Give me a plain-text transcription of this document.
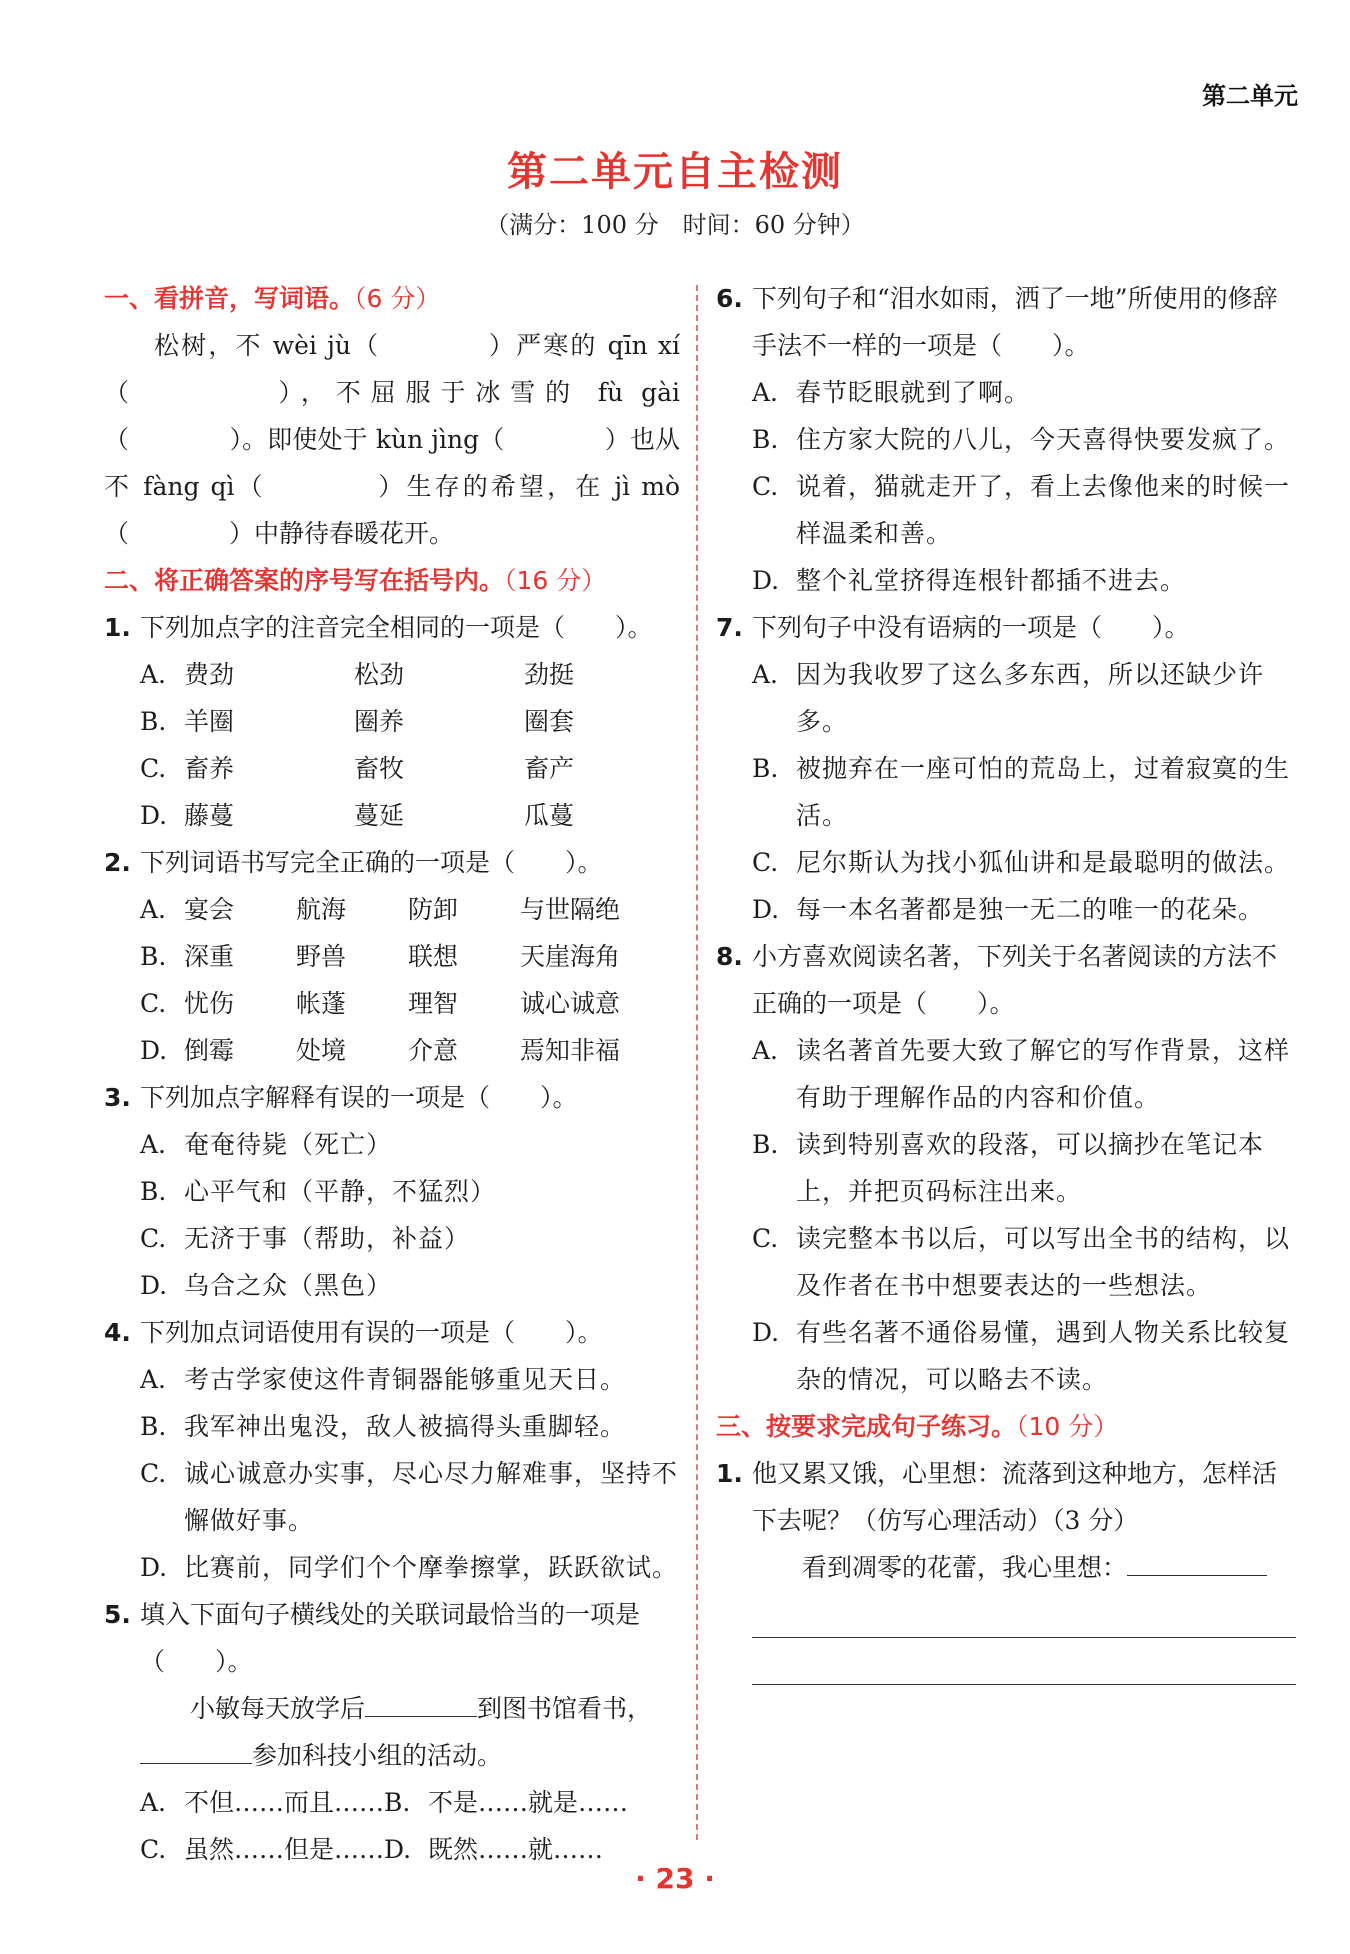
第二单元
第二单元自主检测
（满分：100 分　时间：60 分钟）
一、看拼音，写词语。（6 分）
松树，不 wèi jù（　　　　）严寒的 qīn xí（　　　　），不屈服于冰雪的 fù gài（　　　　）。即使处于 kùn jìng（　　　　）也从不 fàng qì（　　　　）生存的希望，在 jì mò（　　　　）中静待春暖花开。
二、将正确答案的序号写在括号内。（16 分）
1. 下列加点字的注音完全相同的一项是（　　）。
A. 费劲	松劲	劲挺
B. 羊圈	圈养	圈套
C. 畜养	畜牧	畜产
D. 藤蔓	蔓延	瓜蔓
2. 下列词语书写完全正确的一项是（　　）。
A. 宴会	航海	防卸	与世隔绝
B. 深重	野兽	联想	天崖海角
C. 忧伤	帐蓬	理智	诚心诚意
D. 倒霉	处境	介意	焉知非福
3. 下列加点字解释有误的一项是（　　）。
A. 奄奄待毙（死亡）
B. 心平气和（平静，不猛烈）
C. 无济于事（帮助，补益）
D. 乌合之众（黑色）
4. 下列加点词语使用有误的一项是（　　）。
A. 考古学家使这件青铜器能够重见天日。
B. 我军神出鬼没，敌人被搞得头重脚轻。
C. 诚心诚意办实事，尽心尽力解难事，坚持不懈做好事。
D. 比赛前，同学们个个摩拳擦掌，跃跃欲试。
5. 填入下面句子横线处的关联词最恰当的一项是（　　）。
小敏每天放学后	到图书馆看书，参加科技小组的活动。
A. 不但……而且…… B. 不是……就是……
C. 虽然……但是…… D. 既然……就……
6. 下列句子和“泪水如雨，洒了一地”所使用的修辞手法不一样的一项是（　　）。
A. 春节眨眼就到了啊。
B. 住方家大院的八儿，今天喜得快要发疯了。
C. 说着，猫就走开了，看上去像他来的时候一样温柔和善。
D. 整个礼堂挤得连根针都插不进去。
7. 下列句子中没有语病的一项是（　　）。
A. 因为我收罗了这么多东西，所以还缺少许多。
B. 被抛弃在一座可怕的荒岛上，过着寂寞的生活。
C. 尼尔斯认为找小狐仙讲和是最聪明的做法。
D. 每一本名著都是独一无二的唯一的花朵。
8. 小方喜欢阅读名著，下列关于名著阅读的方法不正确的一项是（　　）。
A. 读名著首先要大致了解它的写作背景，这样有助于理解作品的内容和价值。
B. 读到特别喜欢的段落，可以摘抄在笔记本上，并把页码标注出来。
C. 读完整本书以后，可以写出全书的结构，以及作者在书中想要表达的一些想法。
D. 有些名著不通俗易懂，遇到人物关系比较复杂的情况，可以略去不读。
三、按要求完成句子练习。（10 分）
1. 他又累又饿，心里想：流落到这种地方，怎样活下去呢？（仿写心理活动）（3 分）
看到凋零的花蕾，我心里想：
· 23 ·
